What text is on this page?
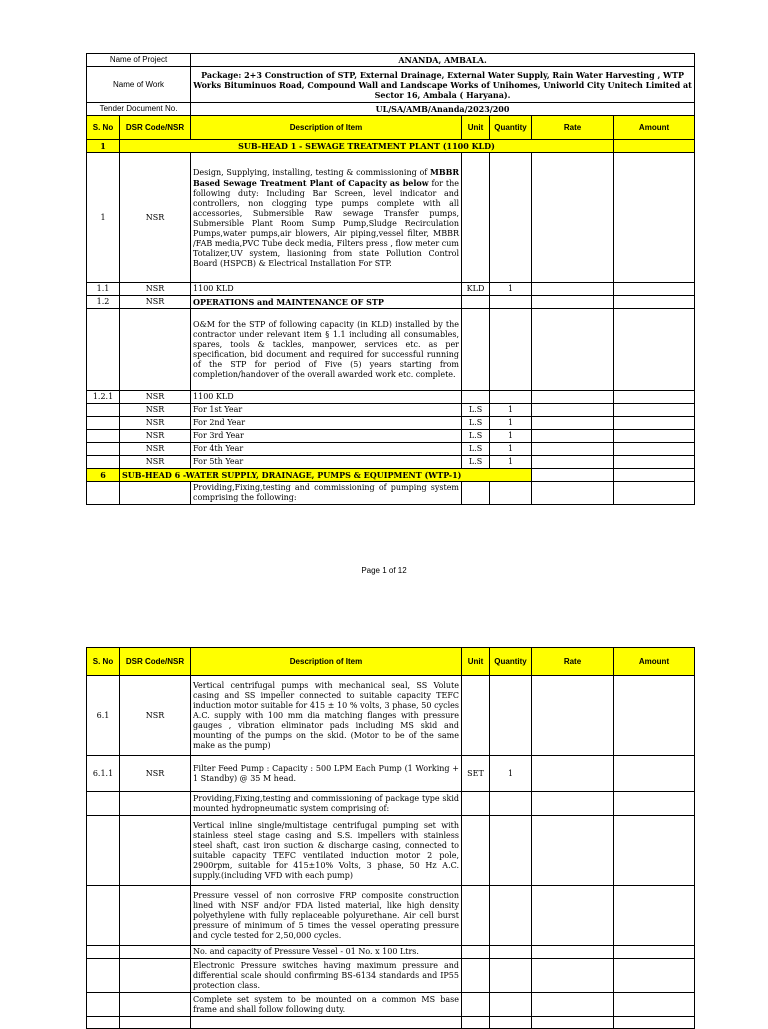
Name of Project		ANANDA, AMBALA.				
Name of Work		Package: 2+3 Construction of STP, External Drainage, External Water Supply, Rain Water Harvesting , WTP Works Bituminuos Road, Compound Wall and Landscape Works of Unihomes, Uniworld City Unitech Limited at Sector 16, Ambala ( Haryana).				
Tender Document No.		UL/SA/AMB/Ananda/2023/200				
S. No	DSR Code/NSR	Description of Item	Unit	Quantity	Rate	Amount
1	SUB-HEAD 1 - SEWAGE TREATMENT PLANT (1100 KLD)					
1	NSR	Design, Supplying, installing, testing & commissioning of MBBR Based Sewage Treatment Plant of Capacity as below for the following duty: Including Bar Screen, level indicator and controllers, non clogging type pumps complete with all accessories, Submersible Raw sewage Transfer pumps, Submersible Plant Room Sump Pump,Sludge Recirculation Pumps,water pumps,air blowers, Air piping,vessel filter, MBBR /FAB media,PVC Tube deck media, Filters press , flow meter cum Totalizer,UV system, liasioning from state Pollution Control Board (HSPCB) & Electrical Installation For STP.				
1.1	NSR	1100 KLD	KLD	1		
1.2	NSR	OPERATIONS and MAINTENANCE OF STP				
		O&M for the STP of following capacity (in KLD) installed by the contractor under relevant item § 1.1 including all consumables, spares, tools & tackles, manpower, services etc. as per specification, bid document and required for successful running of the STP for period of Five (5) years starting from completion/handover of the overall awarded work etc. complete.				
1.2.1	NSR	1100 KLD				
	NSR	For 1st Year	L.S	1		
	NSR	For 2nd Year	L.S	1		
	NSR	For 3rd Year	L.S	1		
	NSR	For 4th Year	L.S	1		
	NSR	For 5th Year	L.S	1		
6	SUB-HEAD 6 -WATER SUPPLY, DRAINAGE, PUMPS & EQUIPMENT (WTP-1)					
		Providing,Fixing,testing and commissioning of pumping system comprising the following:				
Page 1 of 12
S. No	DSR Code/NSR	Description of Item	Unit	Quantity	Rate	Amount
6.1	NSR	Vertical centrifugal pumps with mechanical seal, SS Volute casing and SS impeller connected to suitable capacity TEFC induction motor suitable for 415 ± 10 % volts, 3 phase, 50 cycles A.C. supply with 100 mm dia matching flanges with pressure gauges , vibration eliminator pads including MS skid and mounting of the pumps on the skid. (Motor to be of the same make as the pump)				
6.1.1	NSR	Filter Feed Pump : Capacity : 500 LPM Each Pump (1 Working + 1 Standby) @ 35 M head.	SET	1		
		Providing,Fixing,testing and commissioning of package type skid mounted hydropneumatic system comprising of:				
		Vertical inline single/multistage centrifugal pumping set with stainless steel stage casing and S.S. impellers with stainless steel shaft, cast iron suction & discharge casing, connected to suitable capacity TEFC ventilated induction motor 2 pole, 2900rpm, suitable for 415±10% Volts, 3 phase, 50 Hz A.C. supply.(including VFD with each pump)				
		Pressure vessel of non corrosive FRP composite construction lined with NSF and/or FDA listed material, like high density polyethylene with fully replaceable polyurethane. Air cell burst pressure of minimum of 5 times the vessel operating pressure and cycle tested for 2,50,000 cycles.				
		No. and capacity of Pressure Vessel - 01 No. x 100 Ltrs.				
		Electronic Pressure switches having maximum pressure and differential scale should confirming BS-6134 standards and IP55 protection class.				
		Complete set system to be mounted on a common MS base frame and shall follow following duty.				
